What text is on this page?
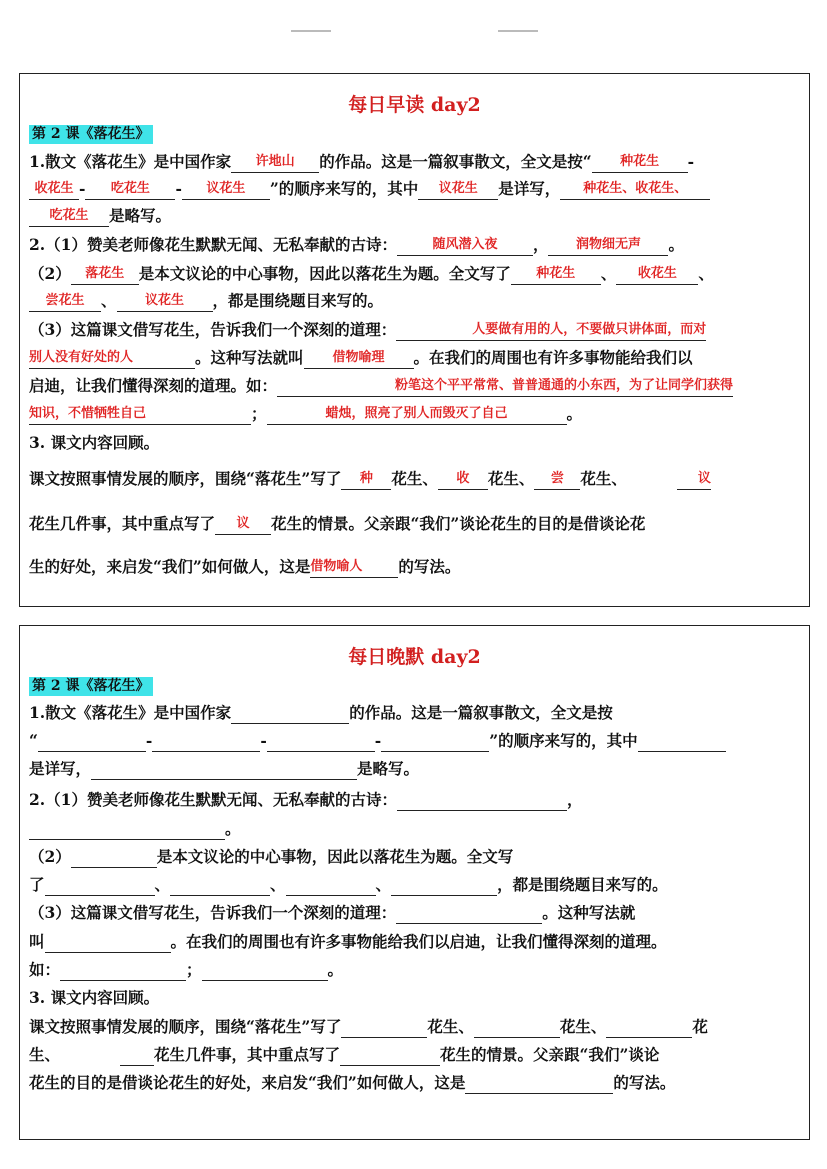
每日早读 day2
第 2 课《落花生》
1.散文《落花生》是中国作家 许地山 的作品。这是一篇叙事散文，全文是按“ 种花生 -
收花生 - 吃花生 - 议花生 ”的顺序来写的，其中 议花生 是详写， 种花生、收花生、
吃花生 是略写。
2.（1）赞美老师像花生默默无闻、无私奉献的古诗：	随风潜入夜 ， 润物细无声 。
（2） 落花生 是本文议论的中心事物，因此以落花生为题。全文写了 种花生 、 收花生 、
尝花生 、 议花生 ，都是围绕题目来写的。
（3）这篇课文借写花生，告诉我们一个深刻的道理：	人要做有用的人，不要做只讲体面，而对
别人没有好处的人	。这种写法就叫 借物喻理 。在我们的周围也有许多事物能给我们以
启迪，让我们懂得深刻的道理。如：	粉笔这个平平常常、普普通通的小东西，为了让同学们获得
知识，不惜牺牲自己	；	蜡烛，照亮了别人而毁灭了自己	。
3. 课文内容回顾。
课文按照事情发展的顺序，围绕“落花生”写了 种 花生、 收 花生、 尝 花生、	议
花生几件事，其中重点写了 议 花生的情景。父亲跟“我们”谈论花生的目的是借谈论花
生的好处，来启发“我们”如何做人，这是借物喻人 的写法。
每日晚默 day2
第 2 课《落花生》
1.散文《落花生》是中国作家	的作品。这是一篇叙事散文，全文是按
“	-	-	-	”的顺序来写的，其中
是详写，	是略写。
2.（1）赞美老师像花生默默无闻、无私奉献的古诗：	，
。
（2）	是本文议论的中心事物，因此以落花生为题。全文写
了	、	、	、	，都是围绕题目来写的。
（3）这篇课文借写花生，告诉我们一个深刻的道理：	。这种写法就
叫	。在我们的周围也有许多事物能给我们以启迪，让我们懂得深刻的道理。
如：	；	。
3. 课文内容回顾。
课文按照事情发展的顺序，围绕“落花生”写了	花生、	花生、	花
生、	花生几件事，其中重点写了	花生的情景。父亲跟“我们”谈论
花生的目的是借谈论花生的好处，来启发“我们”如何做人，这是	的写法。
